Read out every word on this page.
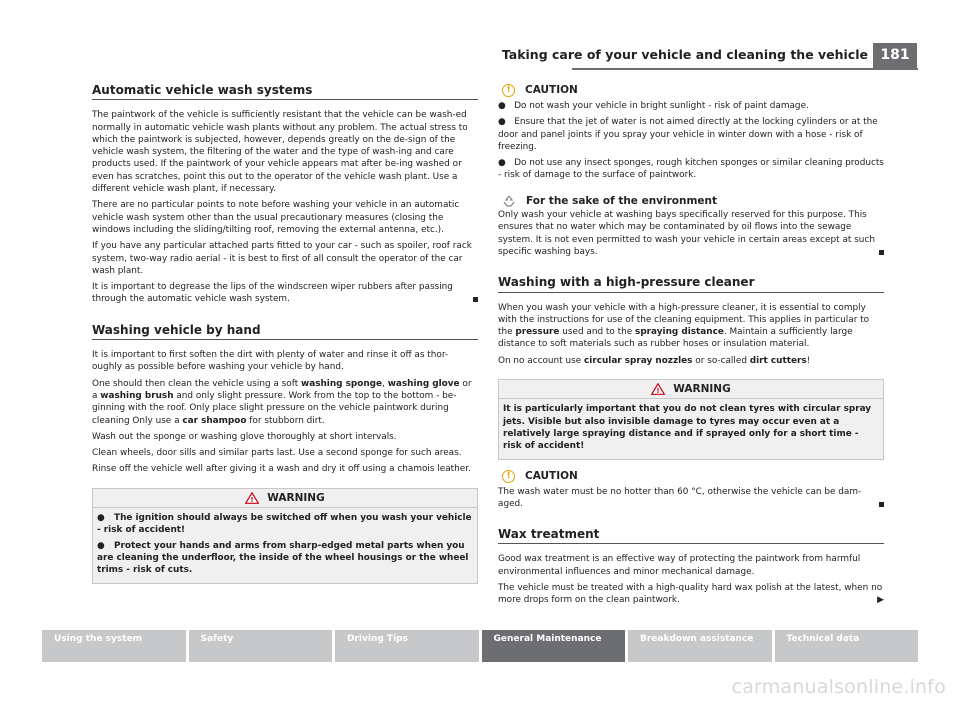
Taking care of your vehicle and cleaning the vehicle 181
Automatic vehicle wash systems

The paintwork of the vehicle is sufficiently resistant that the vehicle can be wash-ed normally in automatic vehicle wash plants without any problem. The actual stress to which the paintwork is subjected, however, depends greatly on the de-sign of the vehicle wash system, the filtering of the water and the type of wash-ing and care products used. If the paintwork of your vehicle appears mat after be-ing washed or even has scratches, point this out to the operator of the vehicle wash plant. Use a different vehicle wash plant, if necessary.

There are no particular points to note before washing your vehicle in an automatic vehicle wash system other than the usual precautionary measures (closing the windows including the sliding/tilting roof, removing the external antenna, etc.).

If you have any particular attached parts fitted to your car - such as spoiler, roof rack system, two-way radio aerial - it is best to first of all consult the operator of the car wash plant.

It is important to degrease the lips of the windscreen wiper rubbers after passing through the automatic vehicle wash system.

Washing vehicle by hand

It is important to first soften the dirt with plenty of water and rinse it off as thor-oughly as possible before washing your vehicle by hand.

One should then clean the vehicle using a soft washing sponge, washing glove or a washing brush and only slight pressure. Work from the top to the bottom - be-ginning with the roof. Only place slight pressure on the vehicle paintwork during cleaning Only use a car shampoo for stubborn dirt.

Wash out the sponge or washing glove thoroughly at short intervals.

Clean wheels, door sills and similar parts last. Use a second sponge for such areas.

Rinse off the vehicle well after giving it a wash and dry it off using a chamois leather.

! WARNING

●   The ignition should always be switched off when you wash your vehicle - risk of accident!

●   Protect your hands and arms from sharp-edged metal parts when you are cleaning the underfloor, the inside of the wheel housings or the wheel trims - risk of cuts.

!	CAUTION

●   Do not wash your vehicle in bright sunlight - risk of paint damage.

●   Ensure that the jet of water is not aimed directly at the locking cylinders or at the door and panel joints if you spray your vehicle in winter down with a hose - risk of freezing.

●   Do not use any insect sponges, rough kitchen sponges or similar cleaning products - risk of damage to the surface of paintwork.

For the sake of the environment

Only wash your vehicle at washing bays specifically reserved for this purpose. This ensures that no water which may be contaminated by oil flows into the sewage system. It is not even permitted to wash your vehicle in certain areas except at such specific washing bays.

Washing with a high-pressure cleaner

When you wash your vehicle with a high-pressure cleaner, it is essential to comply with the instructions for use of the cleaning equipment. This applies in particular to the pressure used and to the spraying distance. Maintain a sufficiently large distance to soft materials such as rubber hoses or insulation material.

On no account use circular spray nozzles or so-called dirt cutters!

! WARNING

It is particularly important that you do not clean tyres with circular spray jets. Visible but also invisible damage to tyres may occur even at a relatively large spraying distance and if sprayed only for a short time - risk of accident!

!	CAUTION

The wash water must be no hotter than 60 °C, otherwise the vehicle can be dam-aged.

Wax treatment

Good wax treatment is an effective way of protecting the paintwork from harmful environmental influences and minor mechanical damage.

The vehicle must be treated with a high-quality hard wax polish at the latest, when no more drops form on the clean paintwork.	▶

Using the system	Safety	Driving Tips	General Maintenance	Breakdown assistance	Technical data
carmanualsonline.info
